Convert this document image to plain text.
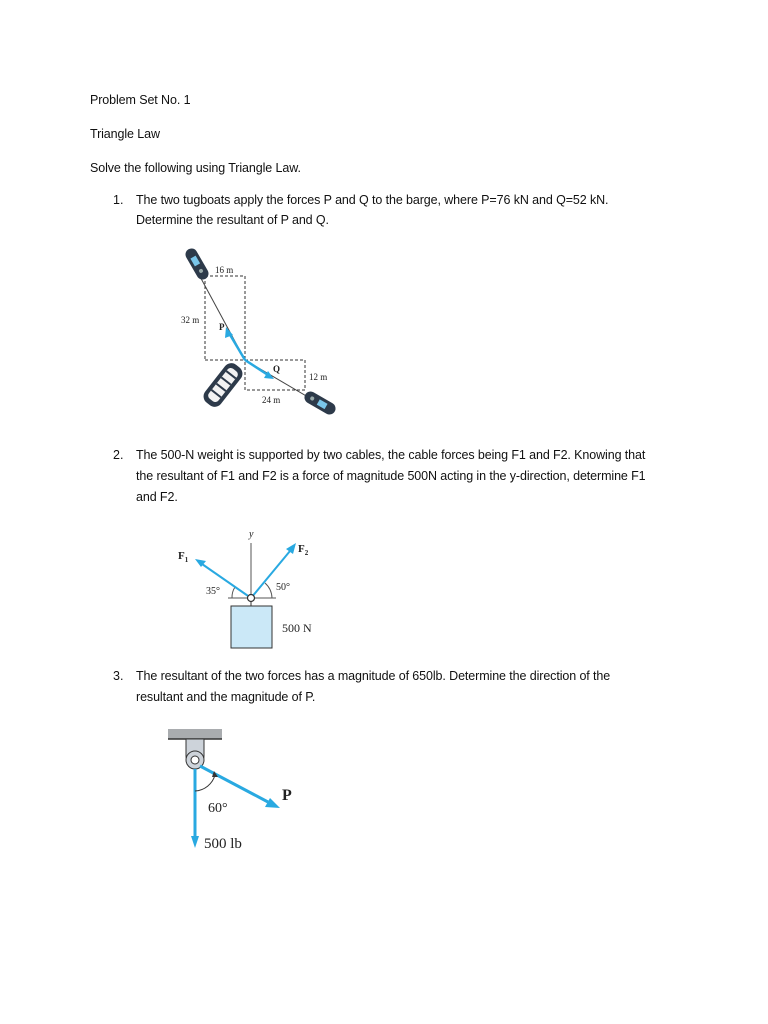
Problem Set No. 1
Triangle Law
Solve the following using Triangle Law.
1. The two tugboats apply the forces P and Q to the barge, where P=76 kN and Q=52 kN.
Determine the resultant of P and Q.
16 m
32 m
12 m
24 m
P
Q
2. The 500-N weight is supported by two cables, the cable forces being F1 and F2. Knowing that
the resultant of F1 and F2 is a force of magnitude 500N acting in the y-direction, determine F1
and F2.
y
$F_1$
$F_2$
35°	50°
500 N
3. The resultant of the two forces has a magnitude of 650lb. Determine the direction of the
resultant and the magnitude of P.
P
60°
500 lb
